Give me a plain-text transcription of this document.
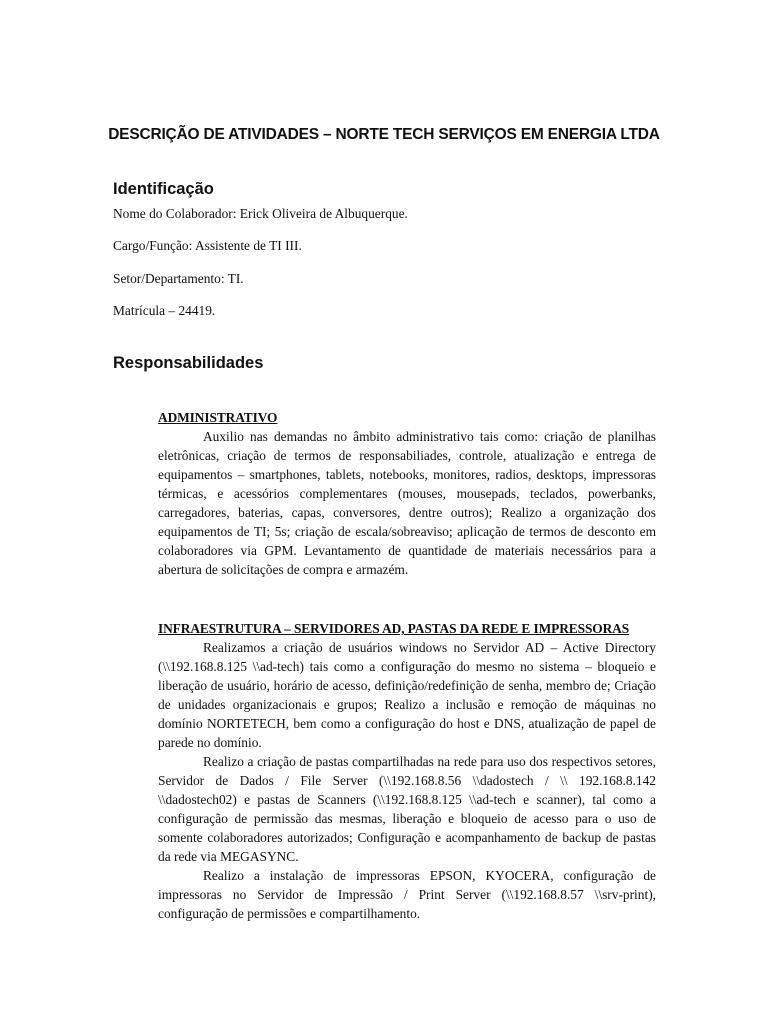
DESCRIÇÃO DE ATIVIDADES – NORTE TECH SERVIÇOS EM ENERGIA LTDA
Identificação

Nome do Colaborador: Erick Oliveira de Albuquerque.

Cargo/Função: Assistente de TI III.

Setor/Departamento: TI.

Matrícula – 24419.

Responsabilidades

ADMINISTRATIVO

Auxilio nas demandas no âmbito administrativo tais como: criação de planilhas eletrônicas, criação de termos de responsabiliades, controle, atualização e entrega de equipamentos – smartphones, tablets, notebooks, monitores, radios, desktops, impressoras térmicas, e acessórios complementares (mouses, mousepads, teclados, powerbanks, carregadores, baterias, capas, conversores, dentre outros); Realizo a organização dos equipamentos de TI; 5s; criação de escala/sobreaviso; aplicação de termos de desconto em colaboradores via GPM. Levantamento de quantidade de materiais necessários para a abertura de solicitações de compra e armazém.

INFRAESTRUTURA – SERVIDORES AD, PASTAS DA REDE E IMPRESSORAS

Realizamos a criação de usuários windows no Servidor AD – Active Directory (\\192.168.8.125 \\ad-tech) tais como a configuração do mesmo no sistema – bloqueio e liberação de usuário, horário de acesso, definição/redefinição de senha, membro de; Criação de unidades organizacionais e grupos; Realizo a inclusão e remoção de máquinas no domínio NORTETECH, bem como a configuração do host e DNS, atualização de papel de parede no domínio.

Realizo a criação de pastas compartilhadas na rede para uso dos respectivos setores, Servidor de Dados / File Server (\\192.168.8.56 \\dadostech / \\ 192.168.8.142 \\dadostech02) e pastas de Scanners (\\192.168.8.125 \\ad-tech e scanner), tal como a configuração de permissão das mesmas, liberação e bloqueio de acesso para o uso de somente colaboradores autorizados; Configuração e acompanhamento de backup de pastas da rede via MEGASYNC.

Realizo a instalação de impressoras EPSON, KYOCERA, configuração de impressoras no Servidor de Impressão / Print Server (\\192.168.8.57 \\srv-print), configuração de permissões e compartilhamento.
